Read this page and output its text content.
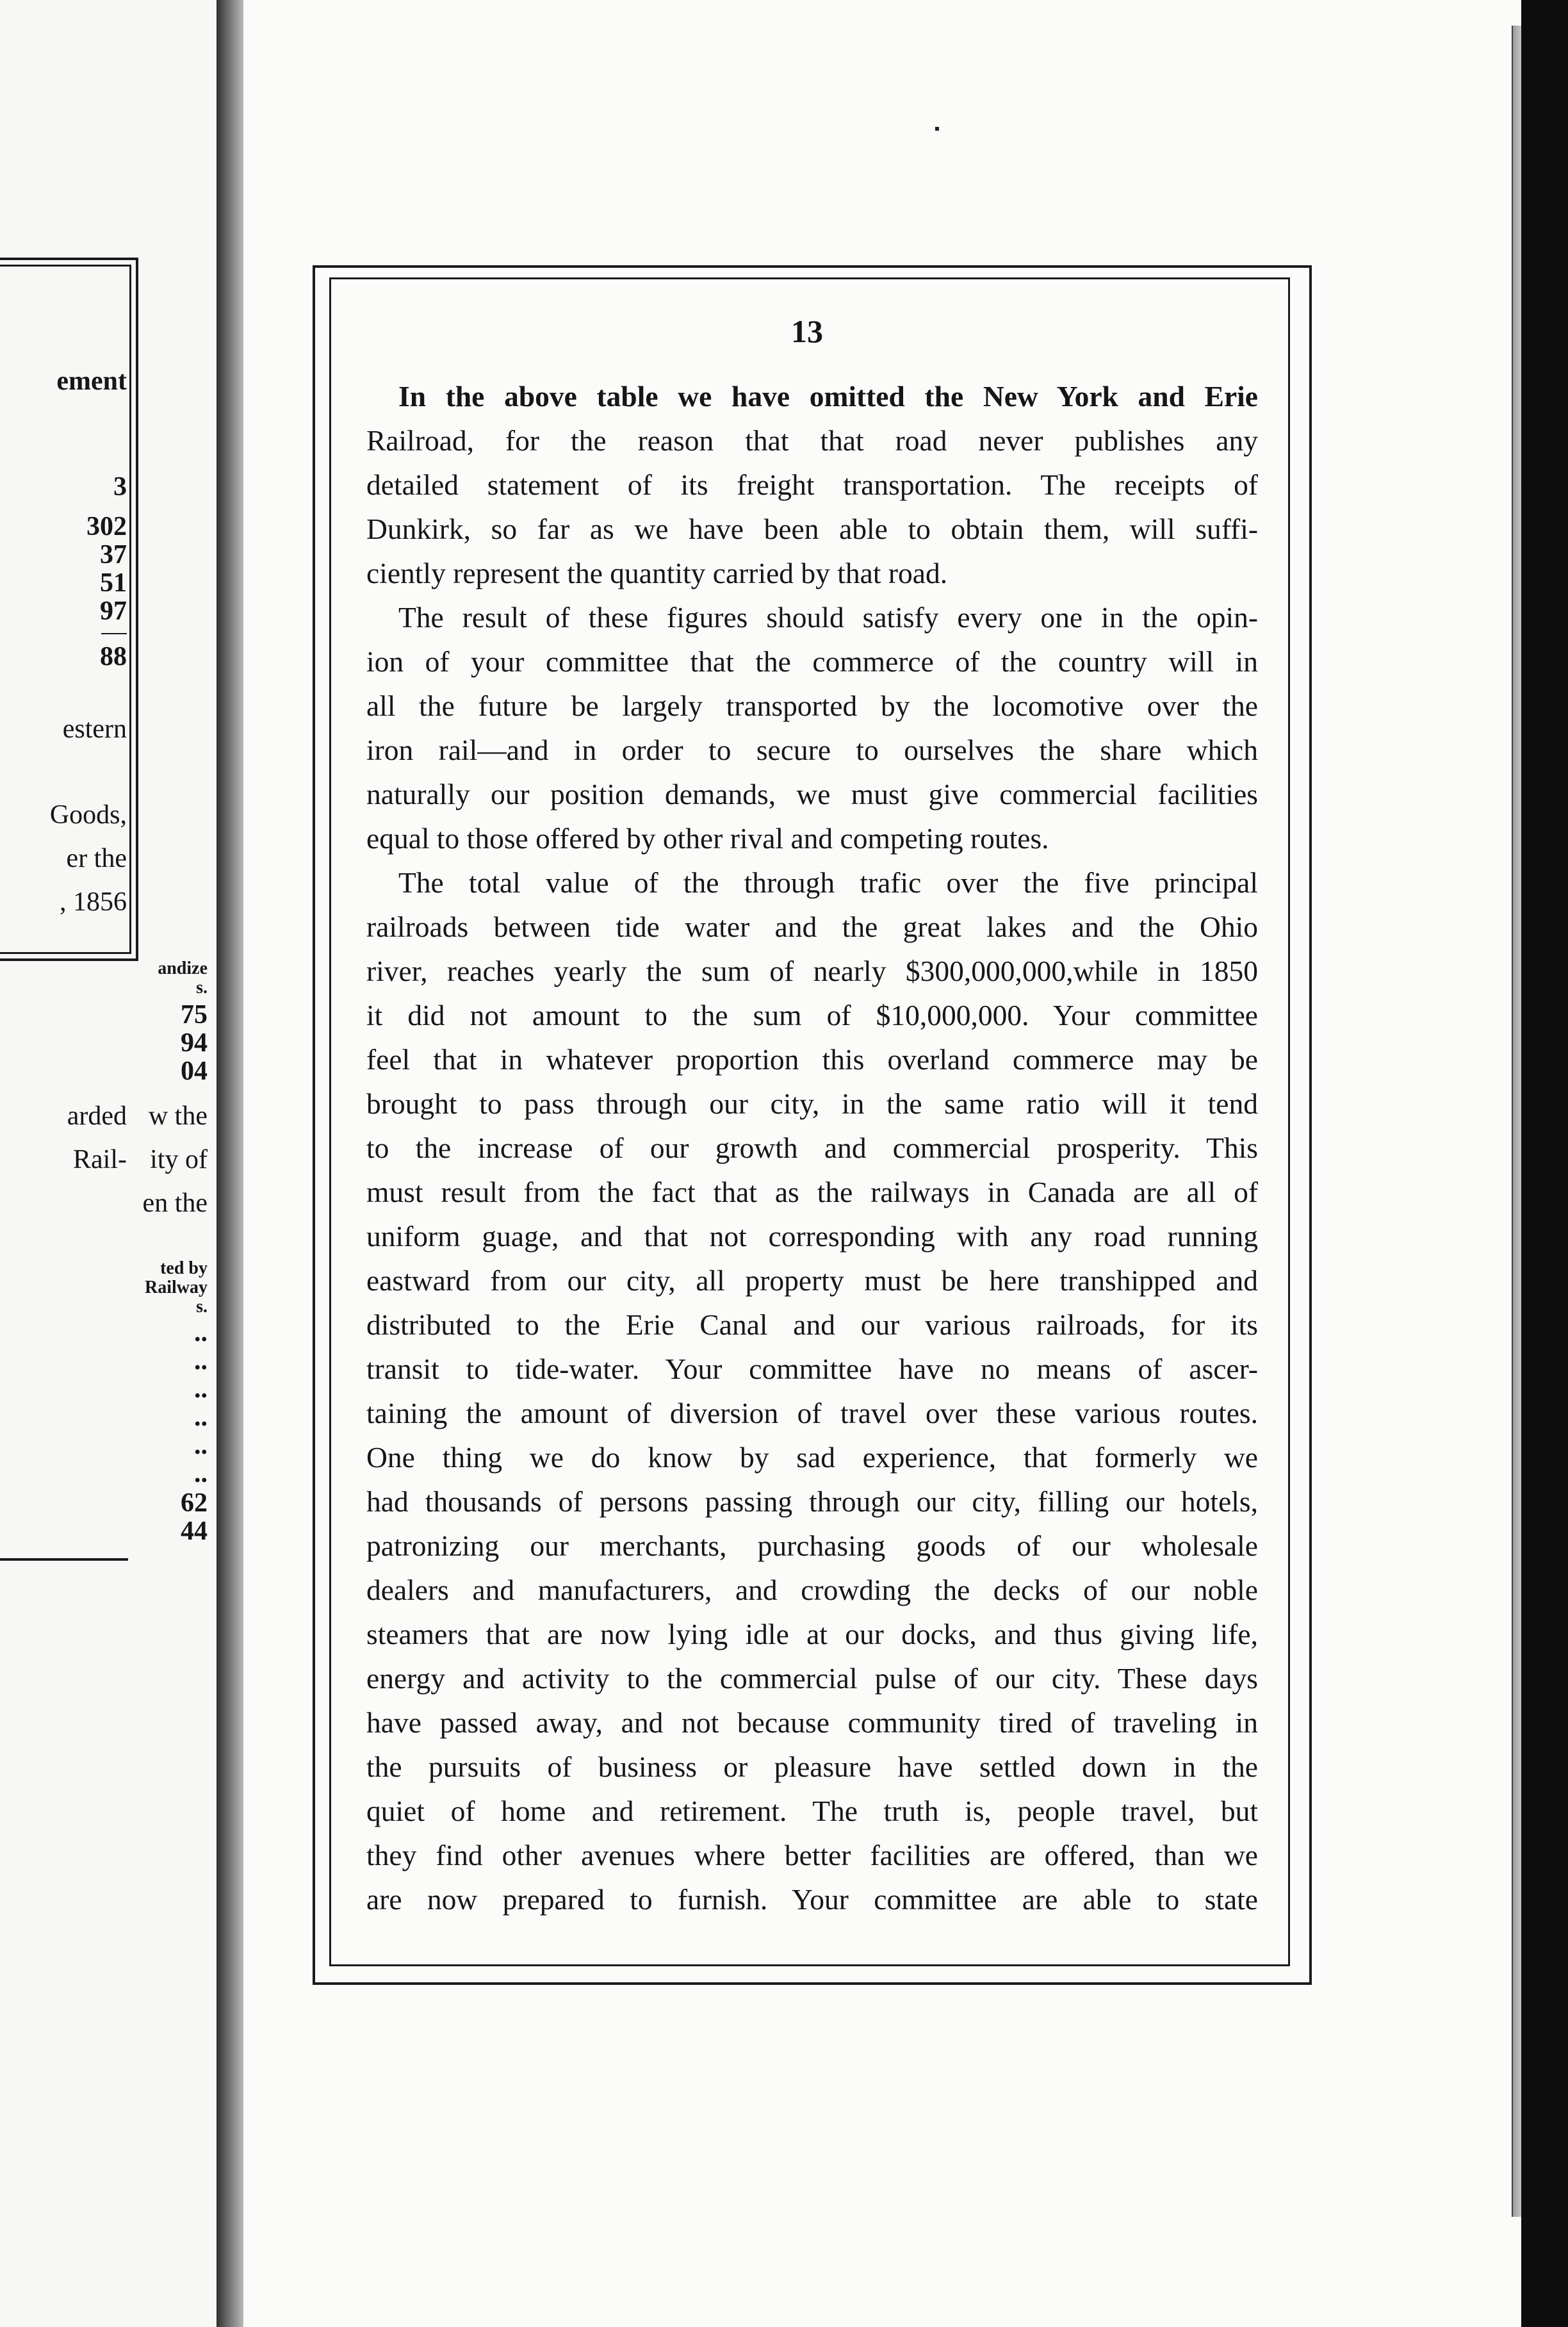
ement
3
302
37
51
97
88
estern
Goods,
er the
, 1856
arded
Rail-
andize
s.
75
94
04
w the
ity of
en the
ted by
Railway
s.
..
..
..
..
..
..
62
44
13
In the above table we have omitted the New York and Erie
Railroad, for the reason that that road never publishes any
detailed statement of its freight transportation. The receipts of
Dunkirk, so far as we have been able to obtain them, will suffi-
ciently represent the quantity carried by that road.
The result of these figures should satisfy every one in the opin-
ion of your committee that the commerce of the country will in
all the future be largely transported by the locomotive over the
iron rail—and in order to secure to ourselves the share which
naturally our position demands, we must give commercial facilities
equal to those offered by other rival and competing routes.
The total value of the through trafic over the five principal
railroads between tide water and the great lakes and the Ohio
river, reaches yearly the sum of nearly $300,000,000,while in 1850
it did not amount to the sum of $10,000,000. Your committee
feel that in whatever proportion this overland commerce may be
brought to pass through our city, in the same ratio will it tend
to the increase of our growth and commercial prosperity. This
must result from the fact that as the railways in Canada are all of
uniform guage, and that not corresponding with any road running
eastward from our city, all property must be here transhipped and
distributed to the Erie Canal and our various railroads, for its
transit to tide-water. Your committee have no means of ascer-
taining the amount of diversion of travel over these various routes.
One thing we do know by sad experience, that formerly we
had thousands of persons passing through our city, filling our hotels,
patronizing our merchants, purchasing goods of our wholesale
dealers and manufacturers, and crowding the decks of our noble
steamers that are now lying idle at our docks, and thus giving life,
energy and activity to the commercial pulse of our city. These days
have passed away, and not because community tired of traveling in
the pursuits of business or pleasure have settled down in the
quiet of home and retirement. The truth is, people travel, but
they find other avenues where better facilities are offered, than we
are now prepared to furnish. Your committee are able to state
